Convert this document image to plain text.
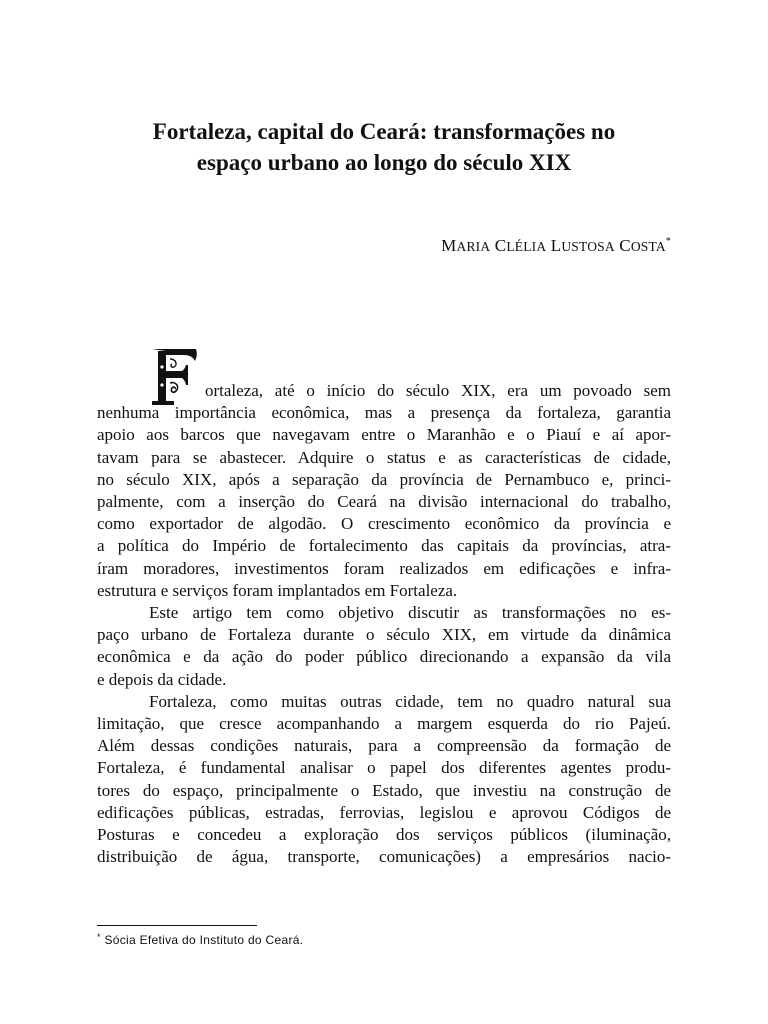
Fortaleza, capital do Ceará: transformações no
espaço urbano ao longo do século XIX
MARIA CLÉLIA LUSTOSA COSTA*
ortaleza, até o início do século XIX, era um povoado sem
nenhuma importância econômica, mas a presença da fortaleza, garantia
apoio aos barcos que navegavam entre o Maranhão e o Piauí e aí apor-
tavam para se abastecer. Adquire o status e as características de cidade,
no século XIX, após a separação da província de Pernambuco e, princi-
palmente, com a inserção do Ceará na divisão internacional do trabalho,
como exportador de algodão. O crescimento econômico da província e
a política do Império de fortalecimento das capitais da províncias, atra-
íram moradores, investimentos foram realizados em edificações e infra-
estrutura e serviços foram implantados em Fortaleza.
Este artigo tem como objetivo discutir as transformações no es-
paço urbano de Fortaleza durante o século XIX, em virtude da dinâmica
econômica e da ação do poder público direcionando a expansão da vila
e depois da cidade.
Fortaleza, como muitas outras cidade, tem no quadro natural sua
limitação, que cresce acompanhando a margem esquerda do rio Pajeú.
Além dessas condições naturais, para a compreensão da formação de
Fortaleza, é fundamental analisar o papel dos diferentes agentes produ-
tores do espaço, principalmente o Estado, que investiu na construção de
edificações públicas, estradas, ferrovias, legislou e aprovou Códigos de
Posturas e concedeu a exploração dos serviços públicos (iluminação,
distribuição de água, transporte, comunicações) a empresários nacio-
* Sócia Efetiva do Instituto do Ceará.
